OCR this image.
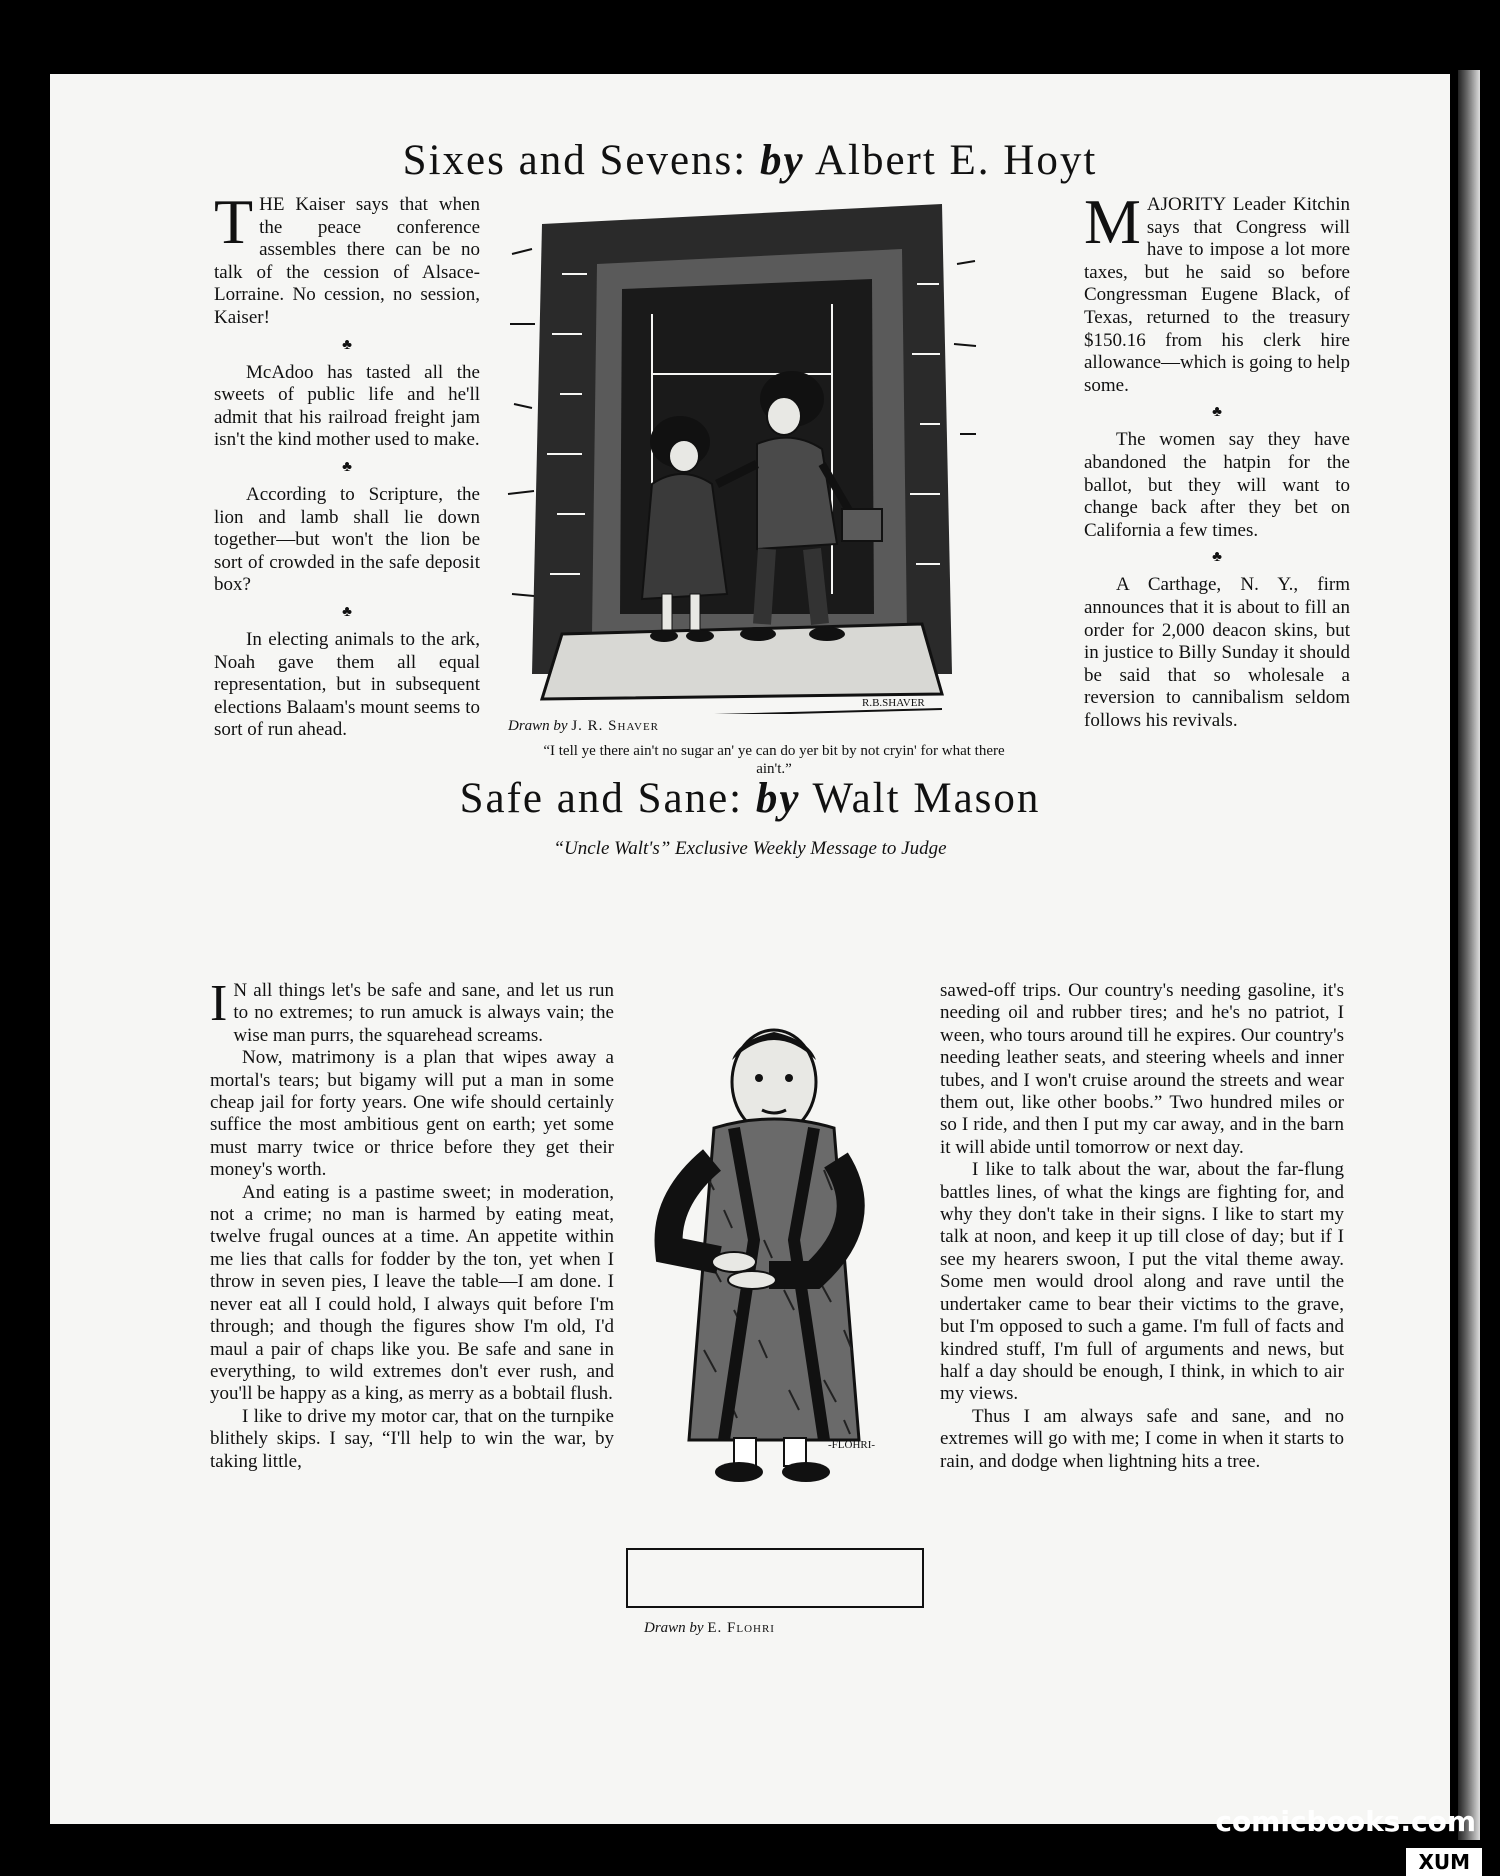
Sixes and Sevens: by Albert E. Hoyt

THE Kaiser says that when the peace conference assembles there can be no talk of the cession of Alsace-Lorraine. No cession, no session, Kaiser!

♣

McAdoo has tasted all the sweets of public life and he'll admit that his railroad freight jam isn't the kind mother used to make.

♣

According to Scripture, the lion and lamb shall lie down together—but won't the lion be sort of crowded in the safe deposit box?

♣

In electing animals to the ark, Noah gave them all equal representation, but in subsequent elections Balaam's mount seems to sort of run ahead.

R.B.SHAVER
Drawn by J. R. Shaver
“I tell ye there ain't no sugar an' ye can do yer bit by not cryin' for what there ain't.”

MAJORITY Leader Kitchin says that Congress will have to impose a lot more taxes, but he said so before Congressman Eugene Black, of Texas, returned to the treasury $150.16 from his clerk hire allowance—which is going to help some.

♣

The women say they have abandoned the hatpin for the ballot, but they will want to change back after they bet on California a few times.

♣

A Carthage, N. Y., firm announces that it is about to fill an order for 2,000 deacon skins, but in justice to Billy Sunday it should be said that so wholesale a reversion to cannibalism seldom follows his revivals.

Safe and Sane: by Walt Mason
“Uncle Walt's” Exclusive Weekly Message to Judge

I N all things let's be safe and sane, and let us run to no extremes; to run amuck is always vain; the wise man purrs, the squarehead screams.

Now, matrimony is a plan that wipes away a mortal's tears; but bigamy will put a man in some cheap jail for forty years. One wife should certainly suffice the most ambitious gent on earth; yet some must marry twice or thrice before they get their money's worth.

And eating is a pastime sweet; in moderation, not a crime; no man is harmed by eating meat, twelve frugal ounces at a time. An appetite within me lies that calls for fodder by the ton, yet when I throw in seven pies, I leave the table—I am done. I never eat all I could hold, I always quit before I'm through; and though the figures show I'm old, I'd maul a pair of chaps like you. Be safe and sane in everything, to wild extremes don't ever rush, and you'll be happy as a king, as merry as a bobtail flush.

I like to drive my motor car, that on the turnpike blithely skips. I say, “I'll help to win the war, by taking little,

-FLOHRI-
Drawn by E. Flohri

sawed-off trips. Our country's needing gasoline, it's needing oil and rubber tires; and he's no patriot, I ween, who tours around till he expires. Our country's needing leather seats, and steering wheels and inner tubes, and I won't cruise around the streets and wear them out, like other boobs.” Two hundred miles or so I ride, and then I put my car away, and in the barn it will abide until tomorrow or next day.

I like to talk about the war, about the far-flung battles lines, of what the kings are fighting for, and why they don't take in their signs. I like to start my talk at noon, and keep it up till close of day; but if I see my hearers swoon, I put the vital theme away. Some men would drool along and rave until the undertaker came to bear their victims to the grave, but I'm opposed to such a game. I'm full of facts and kindred stuff, I'm full of arguments and news, but half a day should be enough, I think, in which to air my views.

Thus I am always safe and sane, and no extremes will go with me; I come in when it starts to rain, and dodge when lightning hits a tree.

comicbooks.com
XUM
